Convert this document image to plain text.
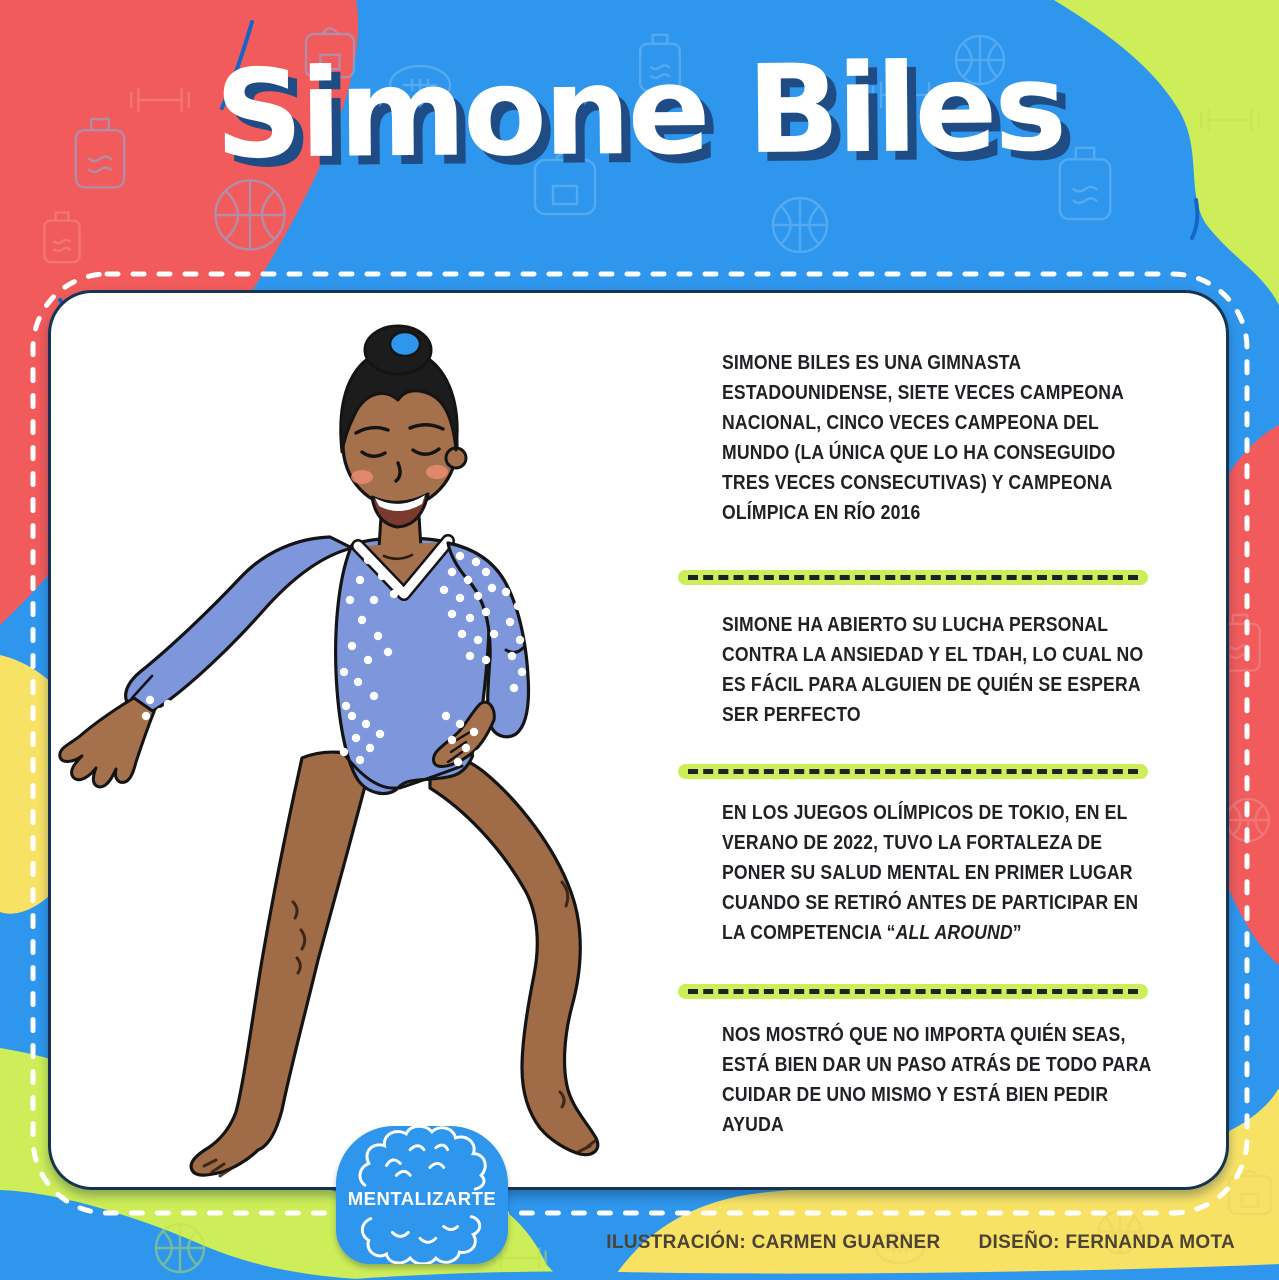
Simone Biles

SIMONE BILES ES UNA GIMNASTA ESTADOUNIDENSE, SIETE VECES CAMPEONA NACIONAL, CINCO VECES CAMPEONA DEL MUNDO (LA ÚNICA QUE LO HA CONSEGUIDO TRES VECES CONSECUTIVAS) Y CAMPEONA OLÍMPICA EN RÍO 2016

SIMONE HA ABIERTO SU LUCHA PERSONAL CONTRA LA ANSIEDAD Y EL TDAH, LO CUAL NO ES FÁCIL PARA ALGUIEN DE QUIÉN SE ESPERA SER PERFECTO

EN LOS JUEGOS OLÍMPICOS DE TOKIO, EN EL VERANO DE 2022, TUVO LA FORTALEZA DE PONER SU SALUD MENTAL EN PRIMER LUGAR CUANDO SE RETIRÓ ANTES DE PARTICIPAR EN LA COMPETENCIA “ALL AROUND”

NOS MOSTRÓ QUE NO IMPORTA QUIÉN SEAS, ESTÁ BIEN DAR UN PASO ATRÁS DE TODO PARA CUIDAR DE UNO MISMO Y ESTÁ BIEN PEDIR AYUDA

MENTALIZARTE
ILUSTRACIÓN: CARMEN GUARNER DISEÑO: FERNANDA MOTA
